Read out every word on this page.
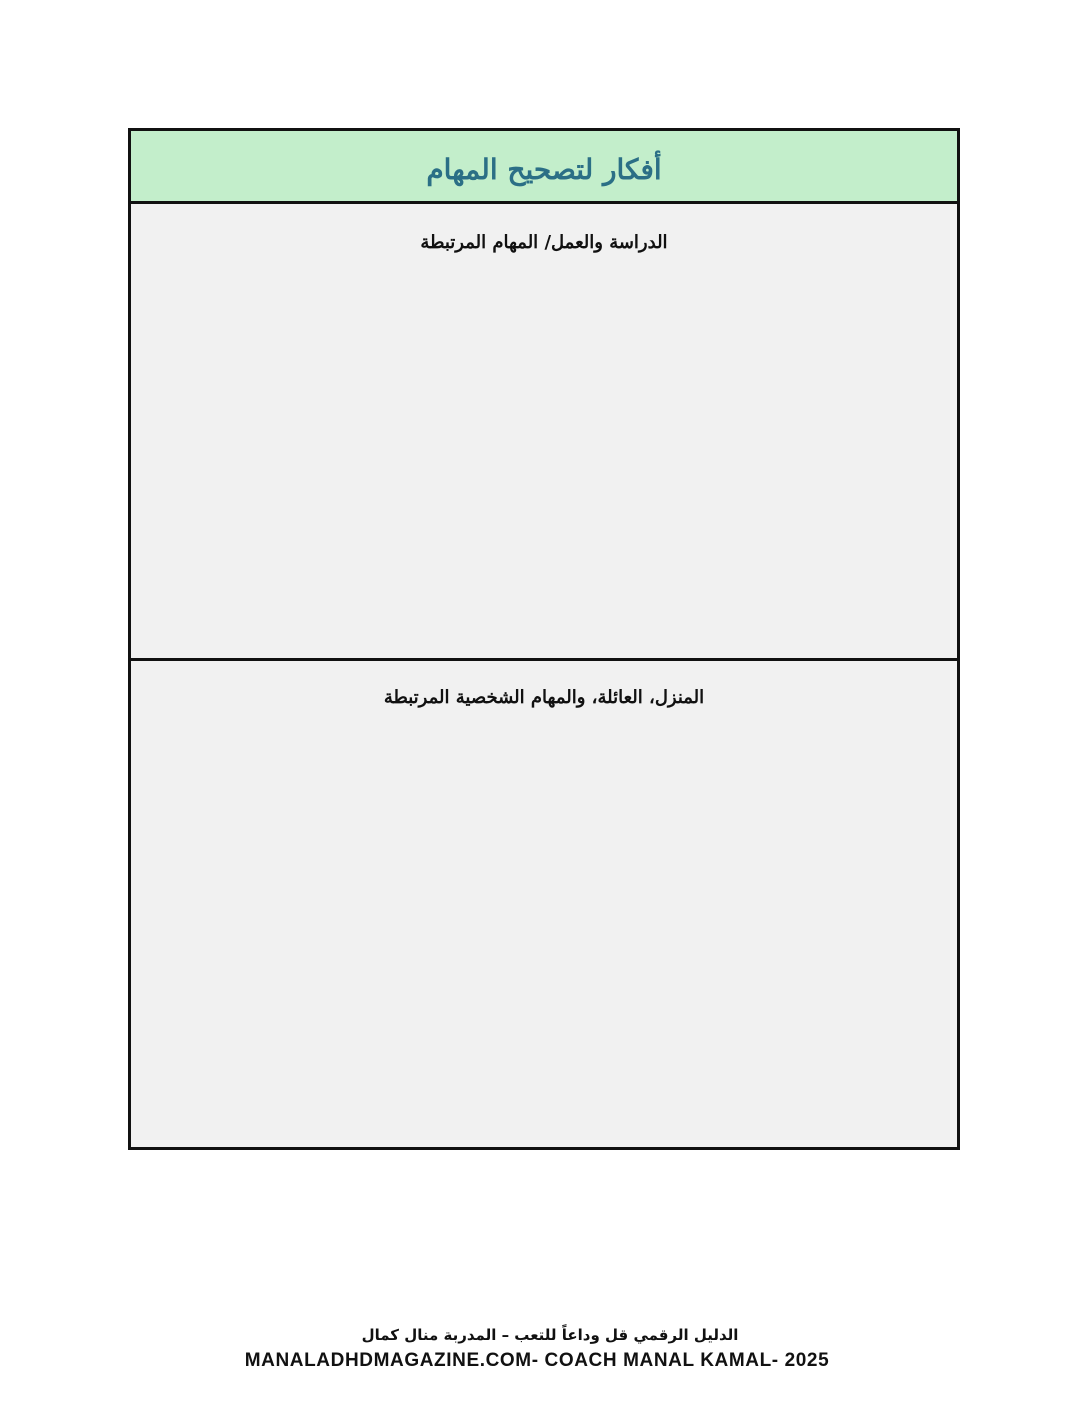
أفكار لتصحيح المهام
الدراسة والعمل/ المهام المرتبطة
المنزل، العائلة، والمهام الشخصية المرتبطة
الدليل الرقمي قل وداعاً للتعب – المدربة منال كمال
MANALADHDMAGAZINE.COM- COACH MANAL KAMAL- 2025
